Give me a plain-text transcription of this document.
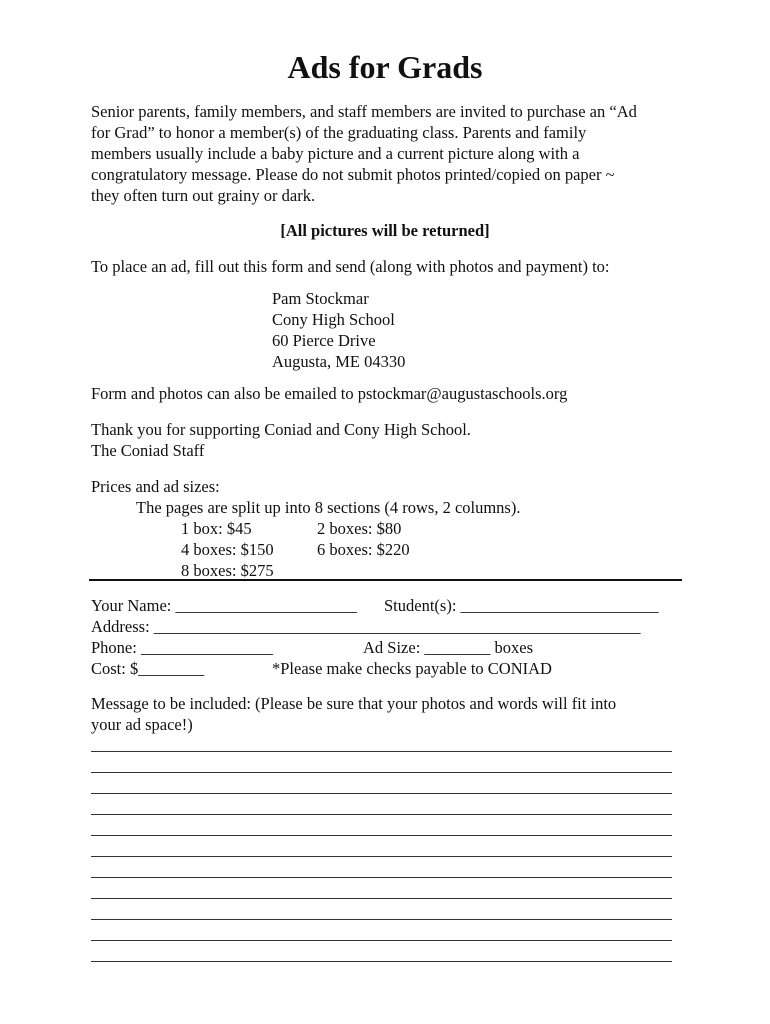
Ads for Grads
Senior parents, family members, and staff members are invited to purchase an “Ad
for Grad” to honor a member(s) of the graduating class. Parents and family
members usually include a baby picture and a current picture along with a
congratulatory message. Please do not submit photos printed/copied on paper ~
they often turn out grainy or dark.
[All pictures will be returned]
To place an ad, fill out this form and send (along with photos and payment) to:
Pam Stockmar
Cony High School
60 Pierce Drive
Augusta, ME 04330
Form and photos can also be emailed to pstockmar@augustaschools.org
Thank you for supporting Coniad and Cony High School.
The Coniad Staff
Prices and ad sizes:
The pages are split up into 8 sections (4 rows, 2 columns).
1 box: $45	2 boxes: $80
4 boxes: $150	6 boxes: $220
8 boxes: $275
Your Name: ______________________ Student(s): ________________________
Address: ___________________________________________________________
Phone: ________________	Ad Size: ________ boxes
Cost: $________	*Please make checks payable to CONIAD
Message to be included: (Please be sure that your photos and words will fit into
your ad space!)
